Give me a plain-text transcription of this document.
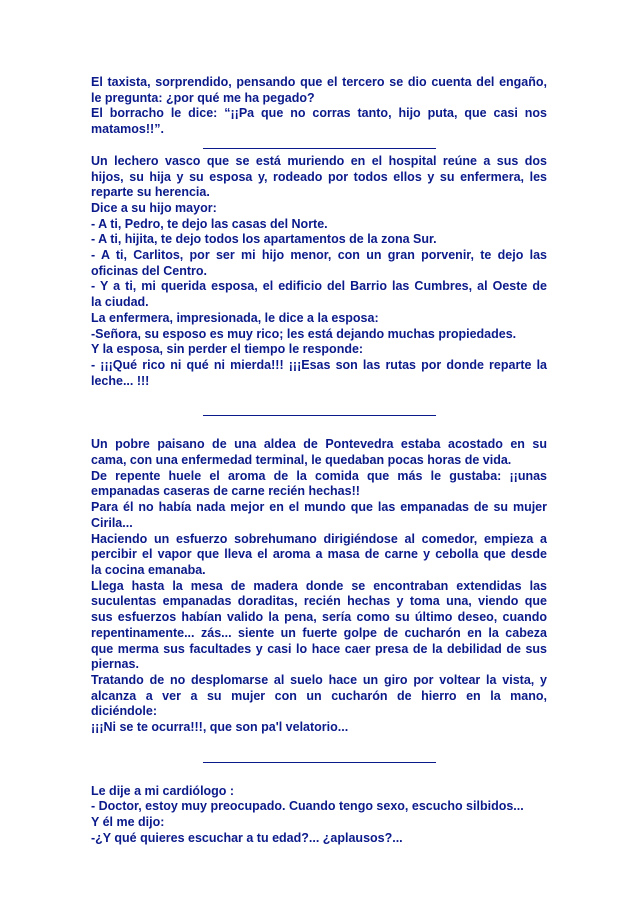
El taxista, sorprendido, pensando que el tercero se dio cuenta del engaño,
le pregunta: ¿por qué me ha pegado?
El borracho le dice: “¡¡Pa que no corras tanto, hijo puta, que casi nos
matamos!!”.
Un lechero vasco que se está muriendo en el hospital reúne a sus dos
hijos, su hija y su esposa y, rodeado por todos ellos y su enfermera, les
reparte su herencia.
Dice a su hijo mayor:
- A ti, Pedro, te dejo las casas del Norte.
- A ti, hijita, te dejo todos los apartamentos de la zona Sur.
- A ti, Carlitos, por ser mi hijo menor, con un gran porvenir, te dejo las
oficinas del Centro.
- Y a ti, mi querida esposa, el edificio del Barrio las Cumbres, al Oeste de
la ciudad.
La enfermera, impresionada, le dice a la esposa:
-Señora, su esposo es muy rico; les está dejando muchas propiedades.
Y la esposa, sin perder el tiempo le responde:
- ¡¡¡Qué rico ni qué ni mierda!!! ¡¡¡Esas son las rutas por donde reparte la
leche... !!!
Un pobre paisano de una aldea de Pontevedra estaba acostado en su
cama, con una enfermedad terminal, le quedaban pocas horas de vida.
De repente huele el aroma de la comida que más le gustaba: ¡¡unas
empanadas caseras de carne recién hechas!!
Para él no había nada mejor en el mundo que las empanadas de su mujer
Cirila...
Haciendo un esfuerzo sobrehumano dirigiéndose al comedor, empieza a
percibir el vapor que lleva el aroma a masa de carne y cebolla que desde
la cocina emanaba.
Llega hasta la mesa de madera donde se encontraban extendidas las
suculentas empanadas doraditas, recién hechas y toma una, viendo que
sus esfuerzos habían valido la pena, sería como su último deseo, cuando
repentinamente... zás... siente un fuerte golpe de cucharón en la cabeza
que merma sus facultades y casi lo hace caer presa de la debilidad de sus
piernas.
Tratando de no desplomarse al suelo hace un giro por voltear la vista, y
alcanza a ver a su mujer con un cucharón de hierro en la mano,
diciéndole:
¡¡¡Ni se te ocurra!!!, que son pa'l velatorio...
Le dije a mi cardiólogo :
- Doctor, estoy muy preocupado. Cuando tengo sexo, escucho silbidos...
Y él me dijo:
-¿Y qué quieres escuchar a tu edad?... ¿aplausos?...
